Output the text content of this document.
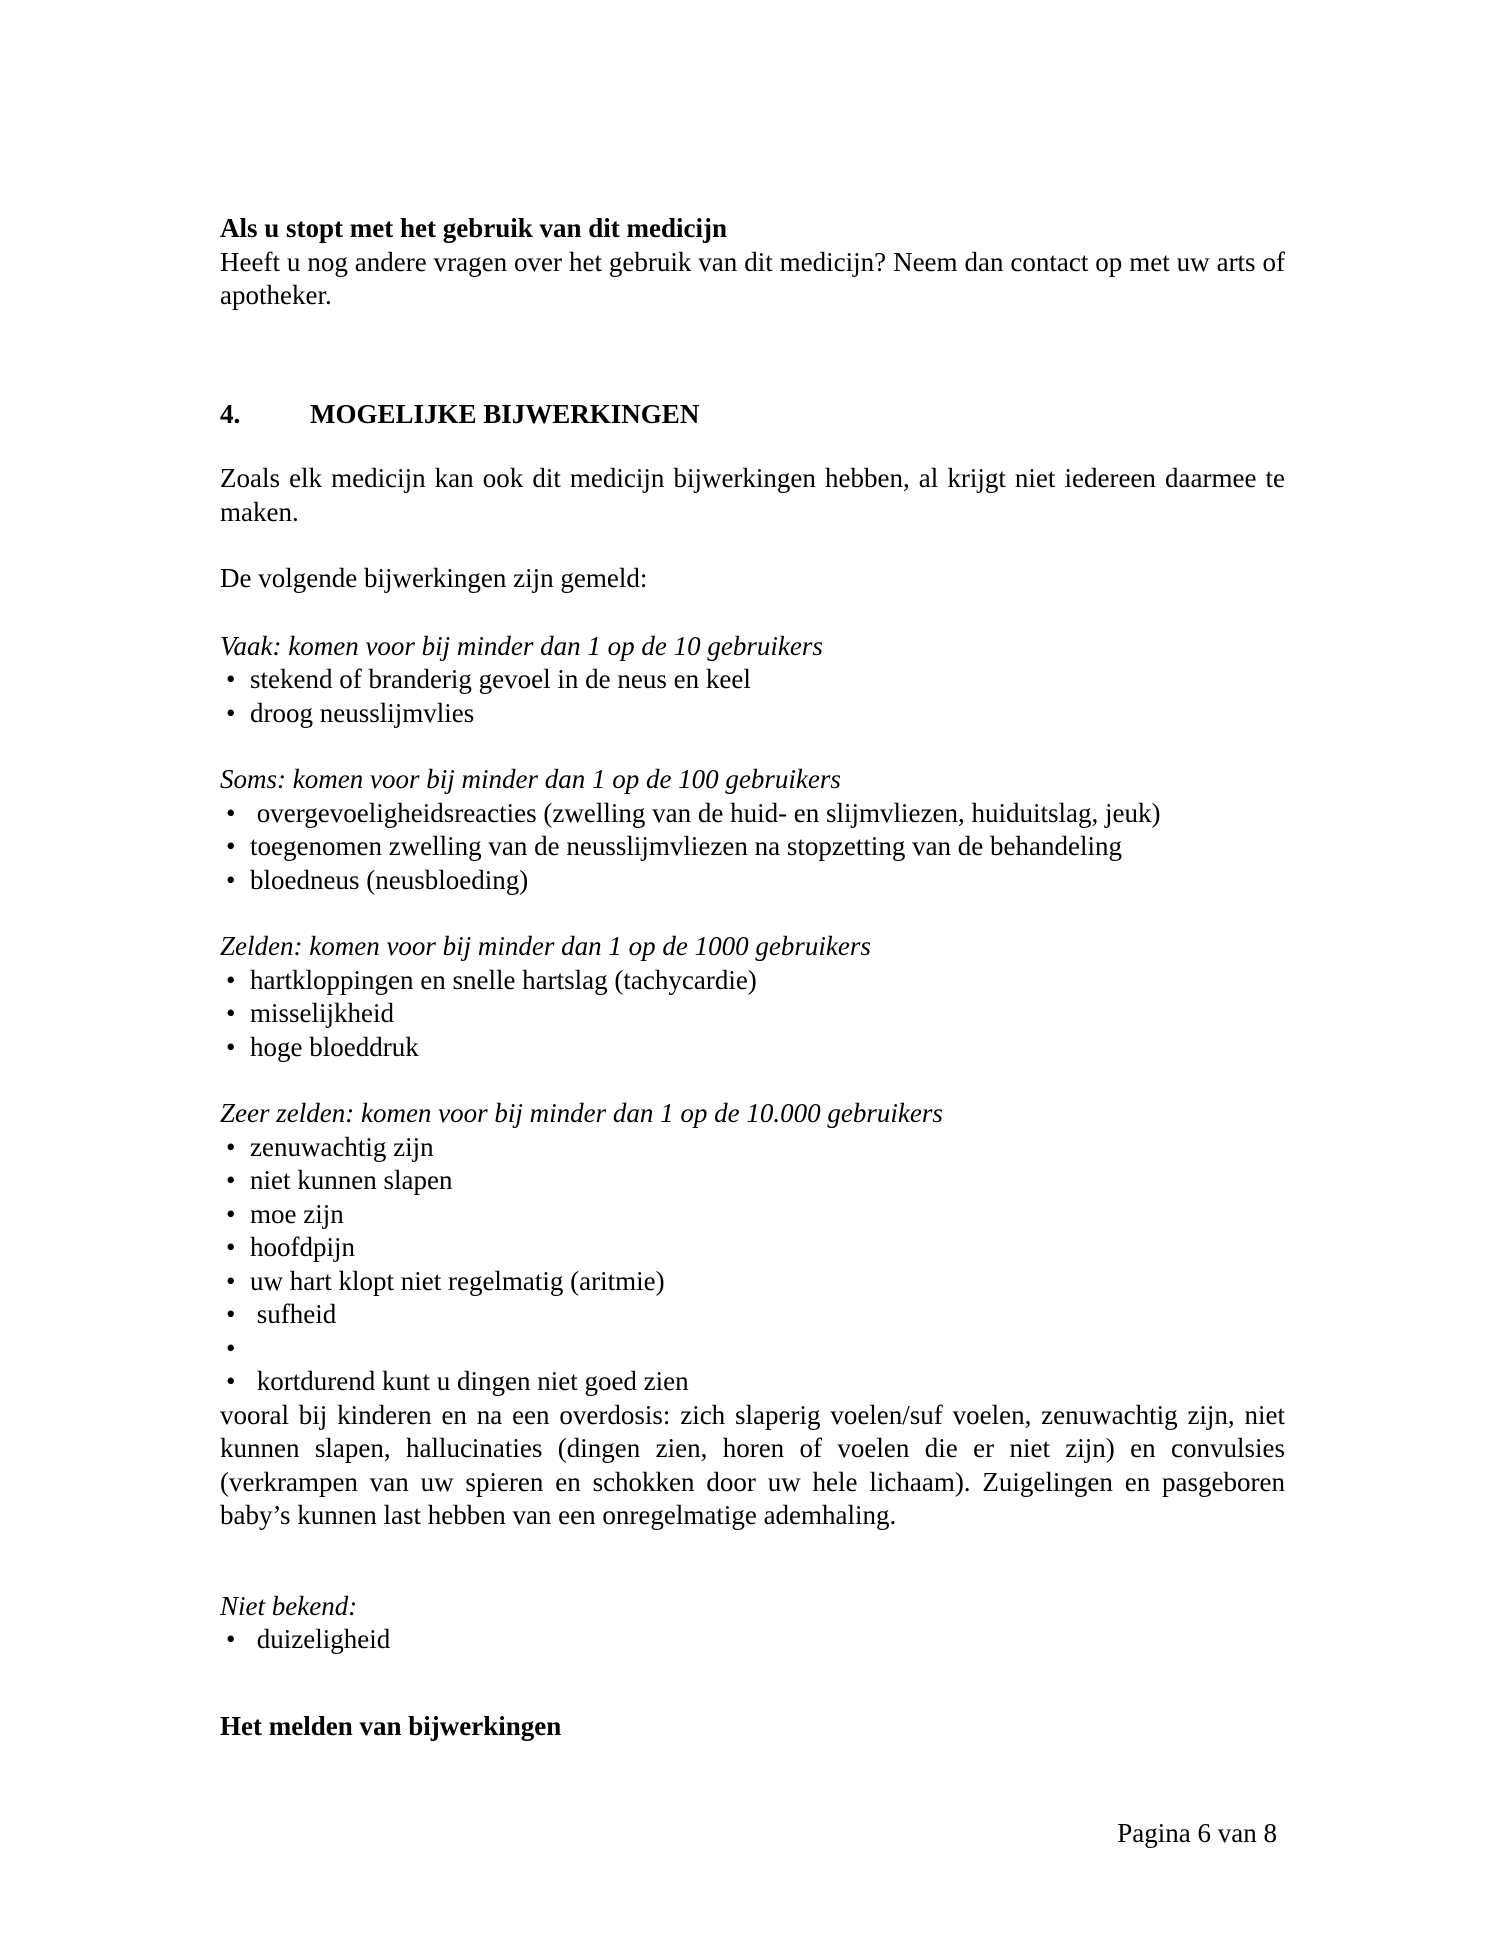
Als u stopt met het gebruik van dit medicijn

Heeft u nog andere vragen over het gebruik van dit medicijn? Neem dan contact op met uw arts of apotheker.

4.	MOGELIJKE BIJWERKINGEN

Zoals elk medicijn kan ook dit medicijn bijwerkingen hebben, al krijgt niet iedereen daarmee te maken.

De volgende bijwerkingen zijn gemeld:

Vaak: komen voor bij minder dan 1 op de 10 gebruikers
•
stekend of branderig gevoel in de neus en keel
•
droog neusslijmvlies
Soms: komen voor bij minder dan 1 op de 100 gebruikers
•
overgevoeligheidsreacties (zwelling van de huid- en slijmvliezen, huiduitslag, jeuk)
•
toegenomen zwelling van de neusslijmvliezen na stopzetting van de behandeling
•
bloedneus (neusbloeding)
Zelden: komen voor bij minder dan 1 op de 1000 gebruikers
•
hartkloppingen en snelle hartslag (tachycardie)
•
misselijkheid
•
hoge bloeddruk
Zeer zelden: komen voor bij minder dan 1 op de 10.000 gebruikers
•
zenuwachtig zijn
•
niet kunnen slapen
•
moe zijn
•
hoofdpijn
•
uw hart klopt niet regelmatig (aritmie)
•
sufheid
•
•
kortdurend kunt u dingen niet goed zien
vooral bij kinderen en na een overdosis: zich slaperig voelen/suf voelen, zenuwachtig zijn, niet kunnen slapen, hallucinaties (dingen zien, horen of voelen die er niet zijn) en convulsies (verkrampen van uw spieren en schokken door uw hele lichaam). Zuigelingen en pasgeboren baby’s kunnen last hebben van een onregelmatige ademhaling.
Niet bekend:
•
duizeligheid

Het melden van bijwerkingen

Pagina 6 van 8
